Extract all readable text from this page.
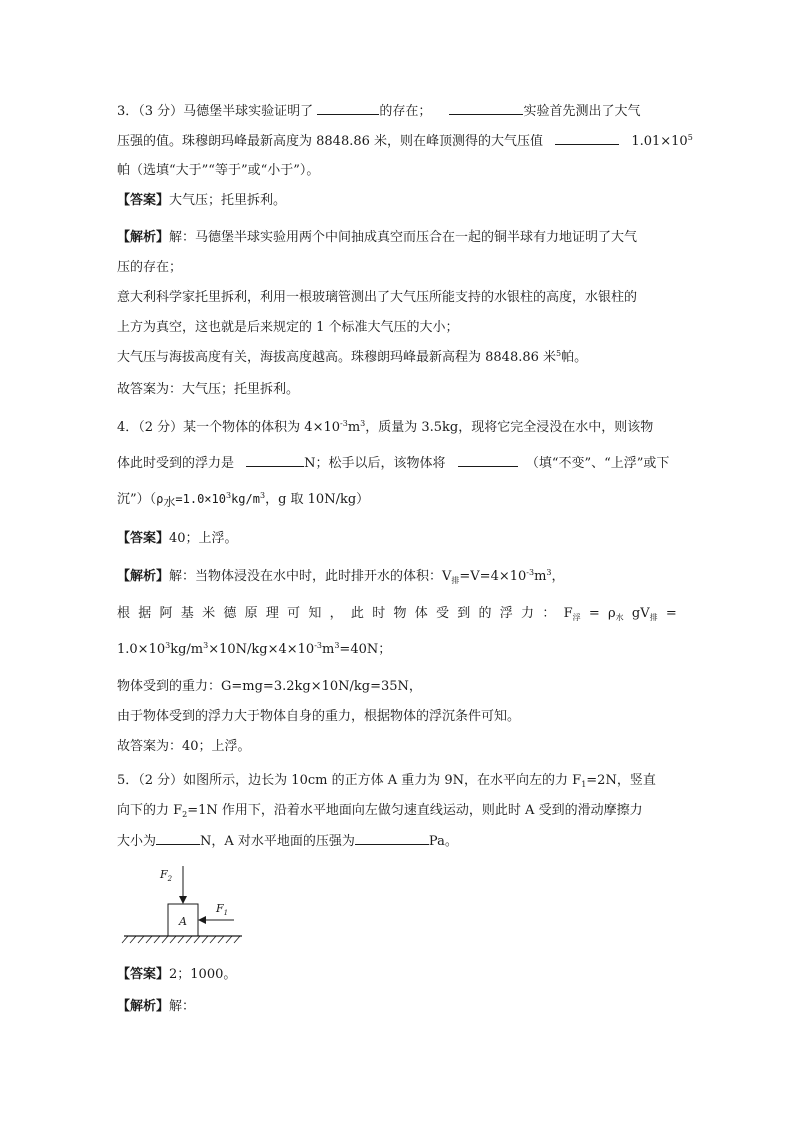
3．（3 分）马德堡半球实验证明了	的存在；	实验首先测出了大气
压强的值。珠穆朗玛峰最新高度为 8848.86 米，则在峰顶测得的大气压值	$1.01\times 10^5$
帕（选填“大于”“等于”或“小于”）。
【答案】大气压；托里拆利。
【解析】解：马德堡半球实验用两个中间抽成真空而压合在一起的铜半球有力地证明了大气
压的存在；
意大利科学家托里拆利，利用一根玻璃管测出了大气压所能支持的水银柱的高度，水银柱的
上方为真空，这也就是后来规定的 1 个标准大气压的大小；
大气压与海拔高度有关，海拔高度越高。珠穆朗玛峰最新高程为 8848.86 米$^5$帕。
故答案为：大气压；托里拆利。
4．（2 分）某一个物体的体积为 $4\times 10^{-3}m^3$，质量为 3.5kg，现将它完全浸没在水中，则该物
体此时受到的浮力是	N；松手以后，该物体将	（填“不变”、“上浮”或下
沉$”)(\rho_水=1.0\times 10^3kg/m^3$，g 取 10N/kg）
【答案】40；上浮。
【解析】解：当物体浸没在水中时，此时排开水的体积：$V_排=V=4\times 10^{-3}m^3$，
根 据 阿 基 米 德 原 理 可 知 ， 此 时 物 体 受 到 的 浮 力 ： $F_浮 = \rho_水$ $gV_排$ =
$1.0\times 10^3kg/m^3\times 10N/kg\times 4\times 10^{-3}m^3=40N$；
物体受到的重力：G=mg=3.2kg×10N/kg=35N，
由于物体受到的浮力大于物体自身的重力，根据物体的浮沉条件可知。
故答案为：40；上浮。
5．（2 分）如图所示，边长为 10cm 的正方体 A 重力为 9N，在水平向左的力 $F_1=2N$，竖直
向下的力 $F_2=1N$ 作用下，沿着水平地面向左做匀速直线运动，则此时 A 受到的滑动摩擦力
大小为	N，A 对水平地面的压强为	Pa。
$F_2$
A
$F_1$
【答案】2；1000。
【解析】解：
